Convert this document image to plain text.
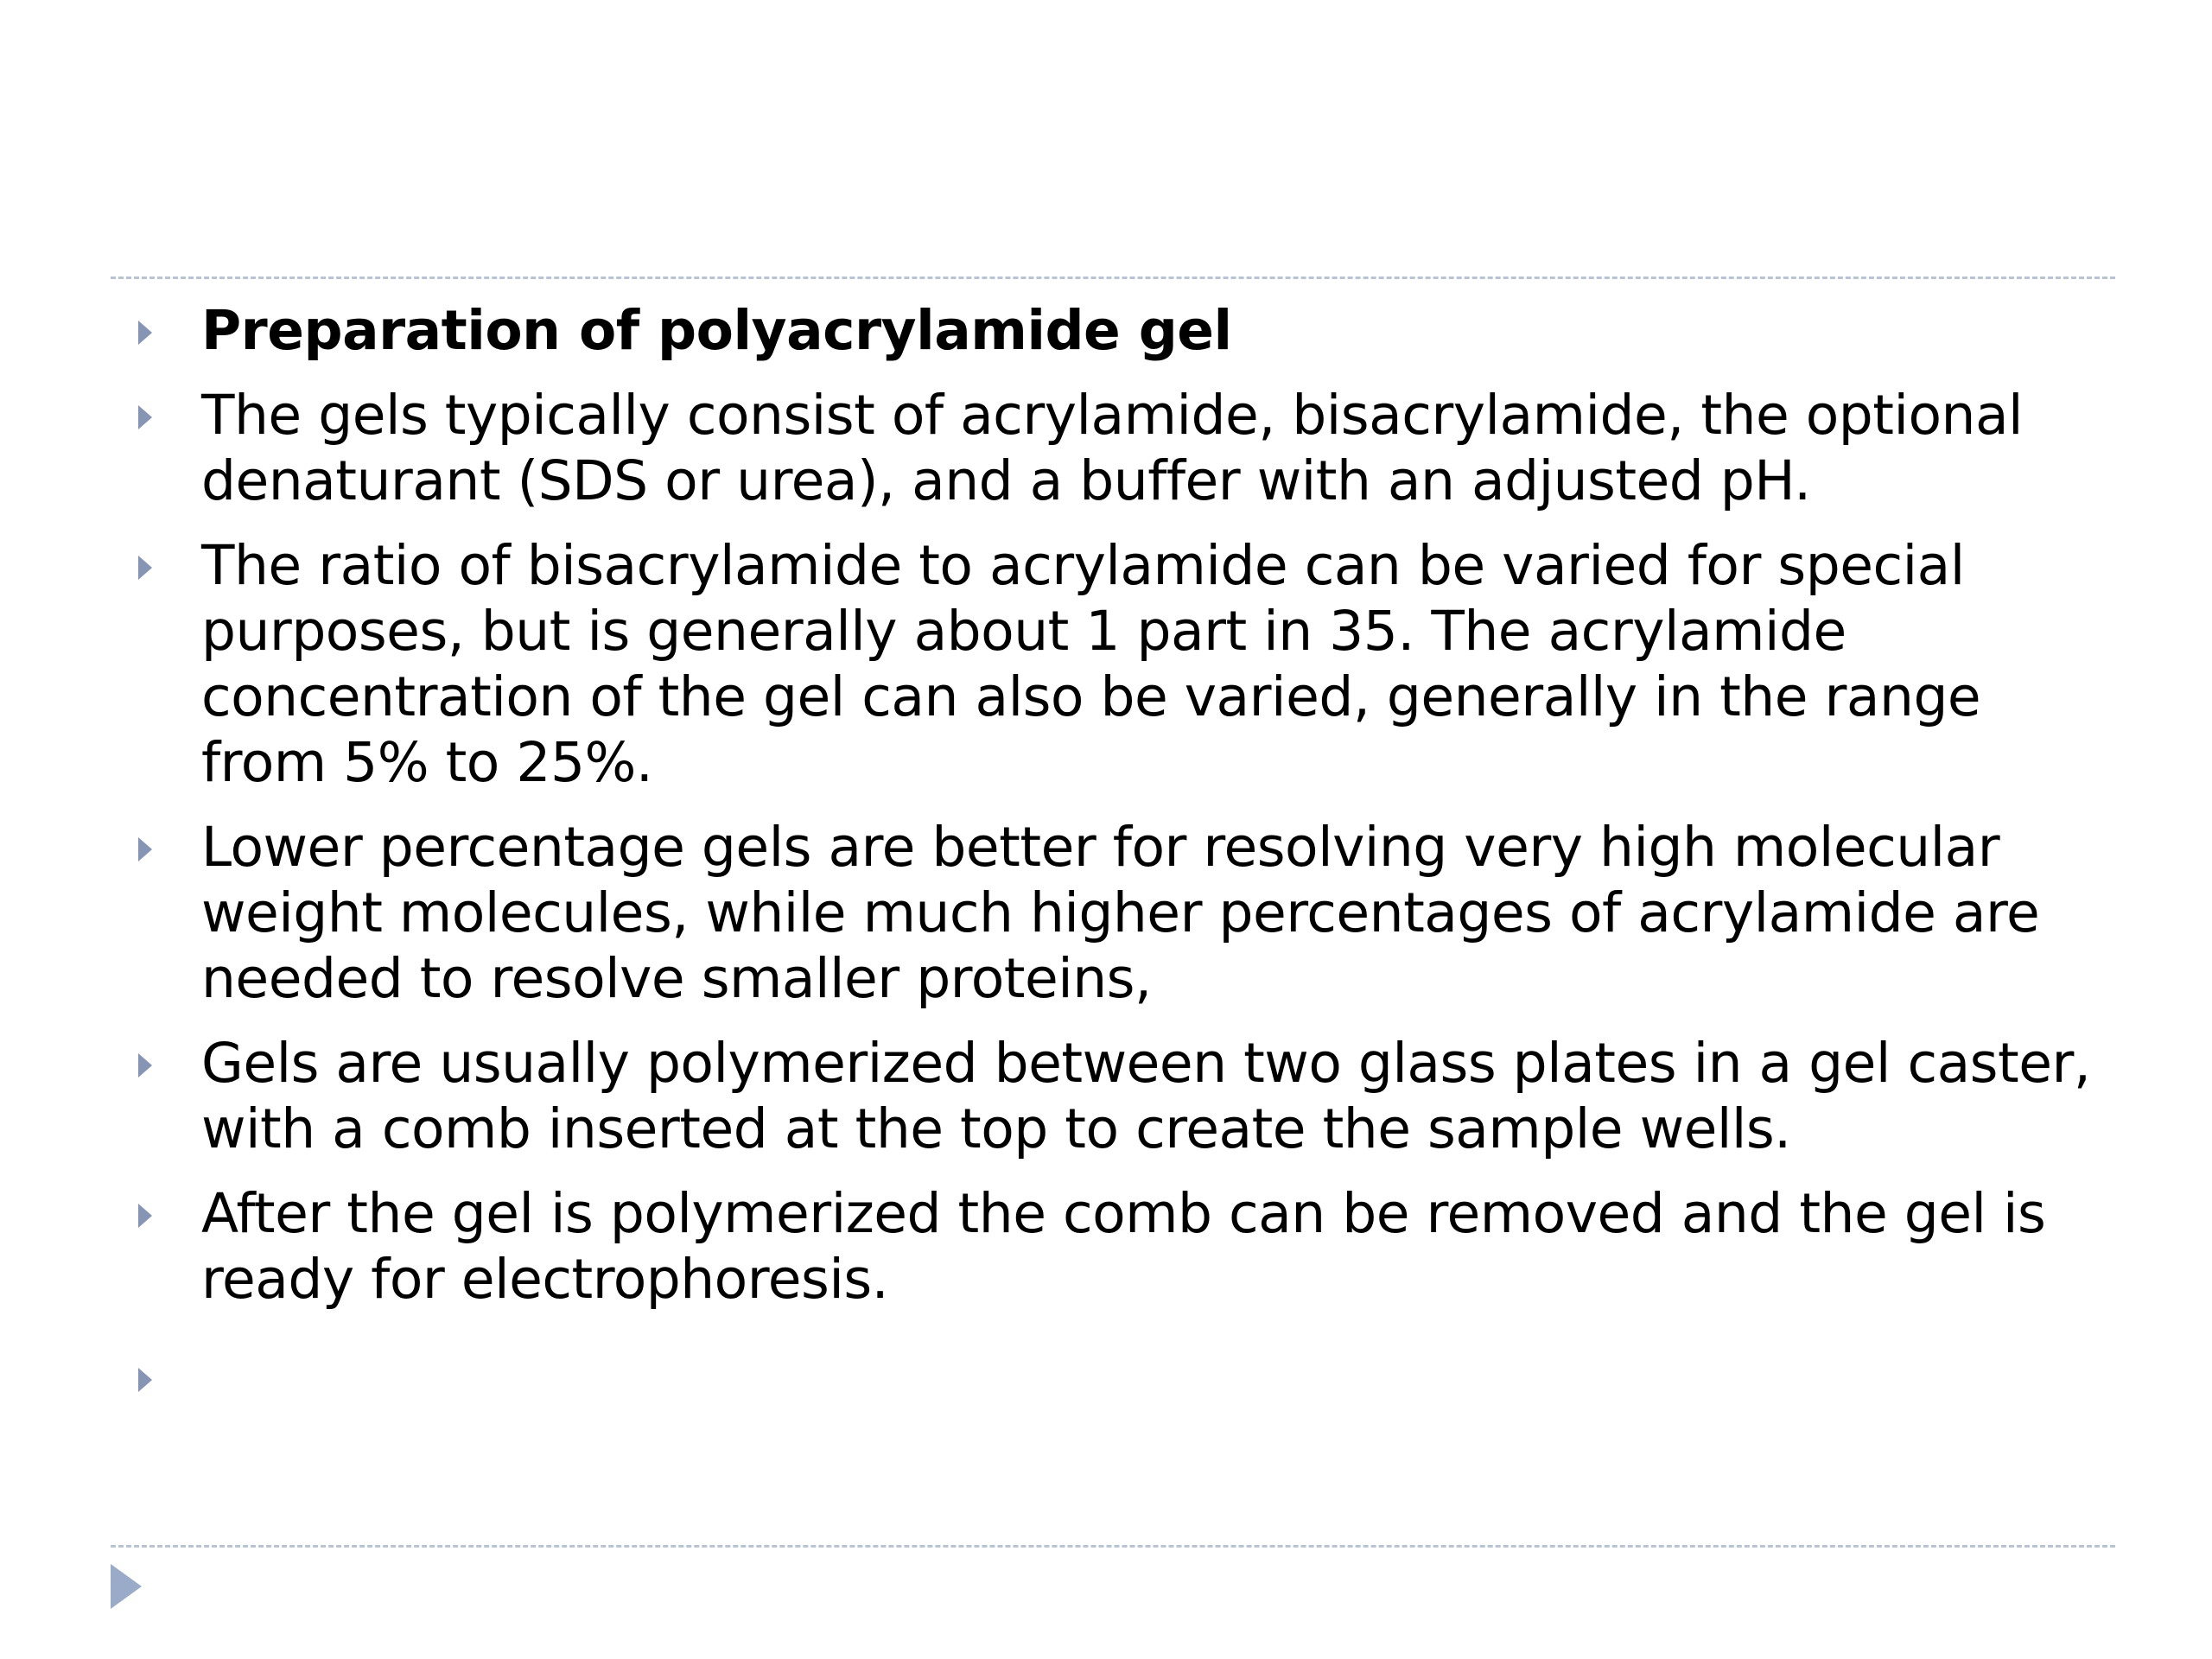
Preparation of polyacrylamide gel
The gels typically consist of acrylamide, bisacrylamide, the optional denaturant (SDS or urea), and a buffer with an adjusted pH.
The ratio of bisacrylamide to acrylamide can be varied for special purposes, but is generally about 1 part in 35. The acrylamide concentration of the gel can also be varied, generally in the range from 5% to 25%.
Lower percentage gels are better for resolving very high molecular weight molecules, while much higher percentages of acrylamide are needed to resolve smaller proteins,
Gels are usually polymerized between two glass plates in a gel caster, with a comb inserted at the top to create the sample wells.
After the gel is polymerized the comb can be removed and the gel is ready for electrophoresis.
